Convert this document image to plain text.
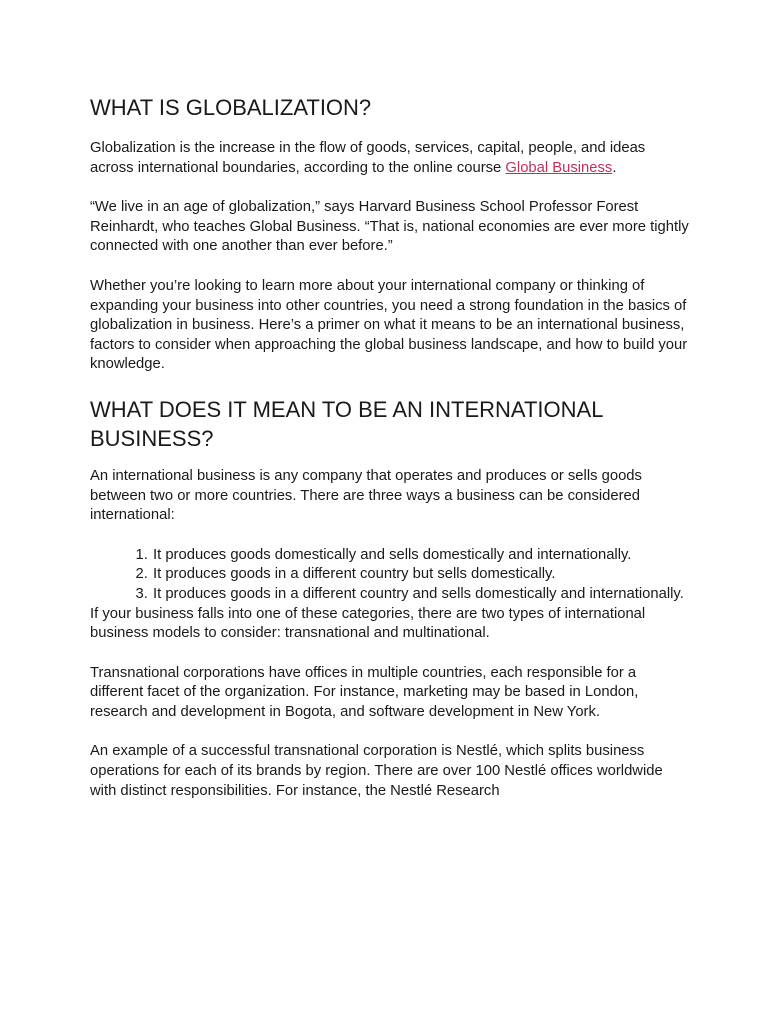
WHAT IS GLOBALIZATION?

Globalization is the increase in the flow of goods, services, capital, people, and ideas across international boundaries, according to the online course Global Business.

“We live in an age of globalization,” says Harvard Business School Professor Forest Reinhardt, who teaches Global Business. “That is, national economies are ever more tightly connected with one another than ever before.”

Whether you’re looking to learn more about your international company or thinking of expanding your business into other countries, you need a strong foundation in the basics of globalization in business. Here’s a primer on what it means to be an international business, factors to consider when approaching the global business landscape, and how to build your knowledge.

WHAT DOES IT MEAN TO BE AN INTERNATIONAL BUSINESS?

An international business is any company that operates and produces or sells goods between two or more countries. There are three ways a business can be considered international:

1. It produces goods domestically and sells domestically and internationally.
2. It produces goods in a different country but sells domestically.
3. It produces goods in a different country and sells domestically and internationally.

If your business falls into one of these categories, there are two types of international business models to consider: transnational and multinational.

Transnational corporations have offices in multiple countries, each responsible for a different facet of the organization. For instance, marketing may be based in London, research and development in Bogota, and software development in New York.

An example of a successful transnational corporation is Nestlé, which splits business operations for each of its brands by region. There are over 100 Nestlé offices worldwide with distinct responsibilities. For instance, the Nestlé Research
